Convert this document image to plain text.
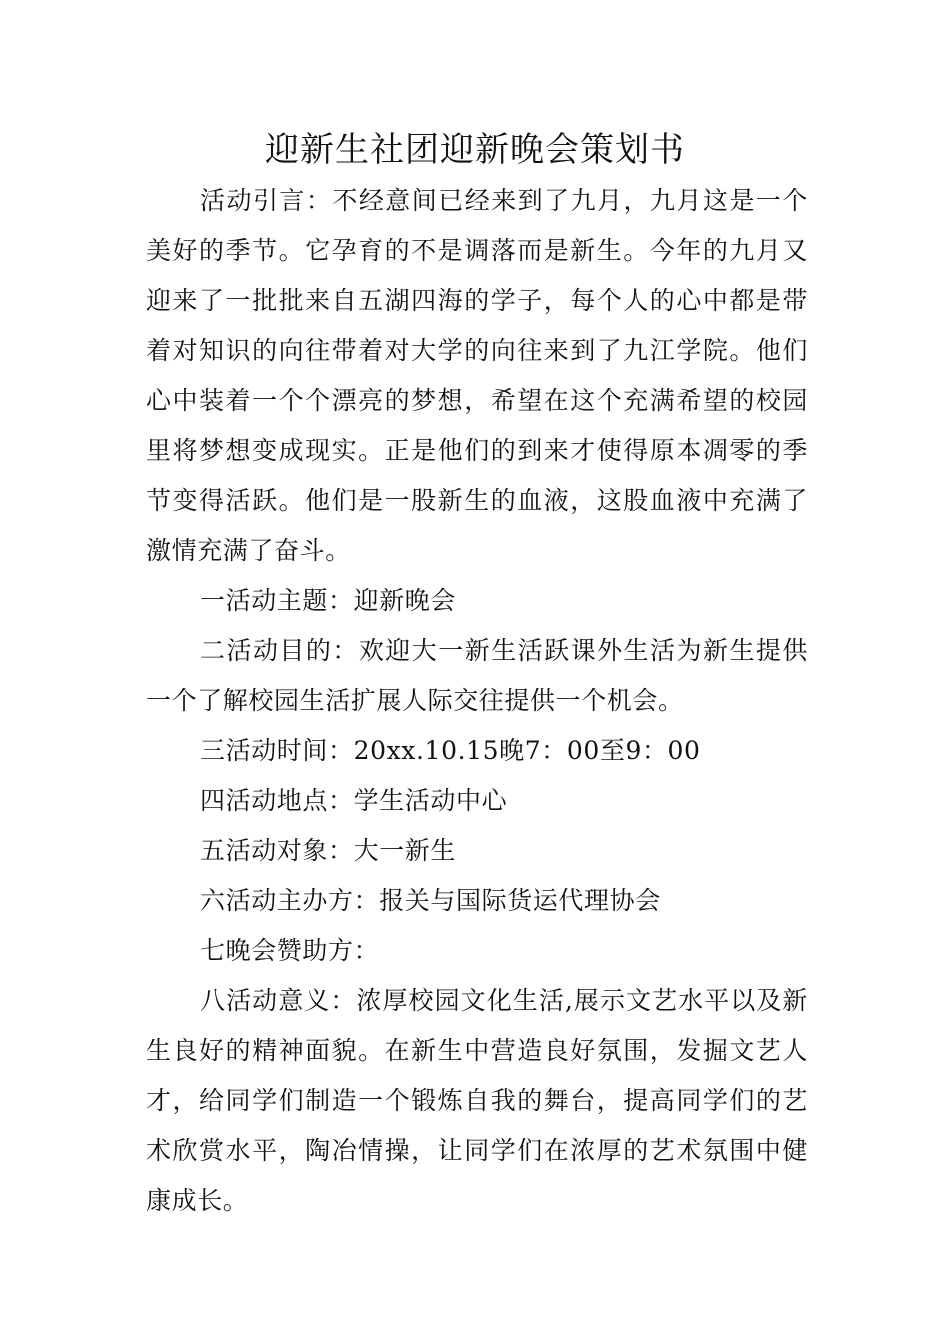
迎新生社团迎新晚会策划书

活动引言：不经意间已经来到了九月，九月这是一个美好的季节。它孕育的不是调落而是新生。今年的九月又迎来了一批批来自五湖四海的学子，每个人的心中都是带着对知识的向往带着对大学的向往来到了九江学院。他们心中装着一个个漂亮的梦想，希望在这个充满希望的校园里将梦想变成现实。正是他们的到来才使得原本凋零的季节变得活跃。他们是一股新生的血液，这股血液中充满了激情充满了奋斗。

一活动主题：迎新晚会

二活动目的：欢迎大一新生活跃课外生活为新生提供一个了解校园生活扩展人际交往提供一个机会。

三活动时间：20xx.10.15晚7：00至9：00

四活动地点：学生活动中心

五活动对象：大一新生

六活动主办方：报关与国际货运代理协会

七晚会赞助方：

八活动意义：浓厚校园文化生活,展示文艺水平以及新生良好的精神面貌。在新生中营造良好氛围，发掘文艺人才，给同学们制造一个锻炼自我的舞台，提高同学们的艺术欣赏水平，陶冶情操，让同学们在浓厚的艺术氛围中健康成长。
